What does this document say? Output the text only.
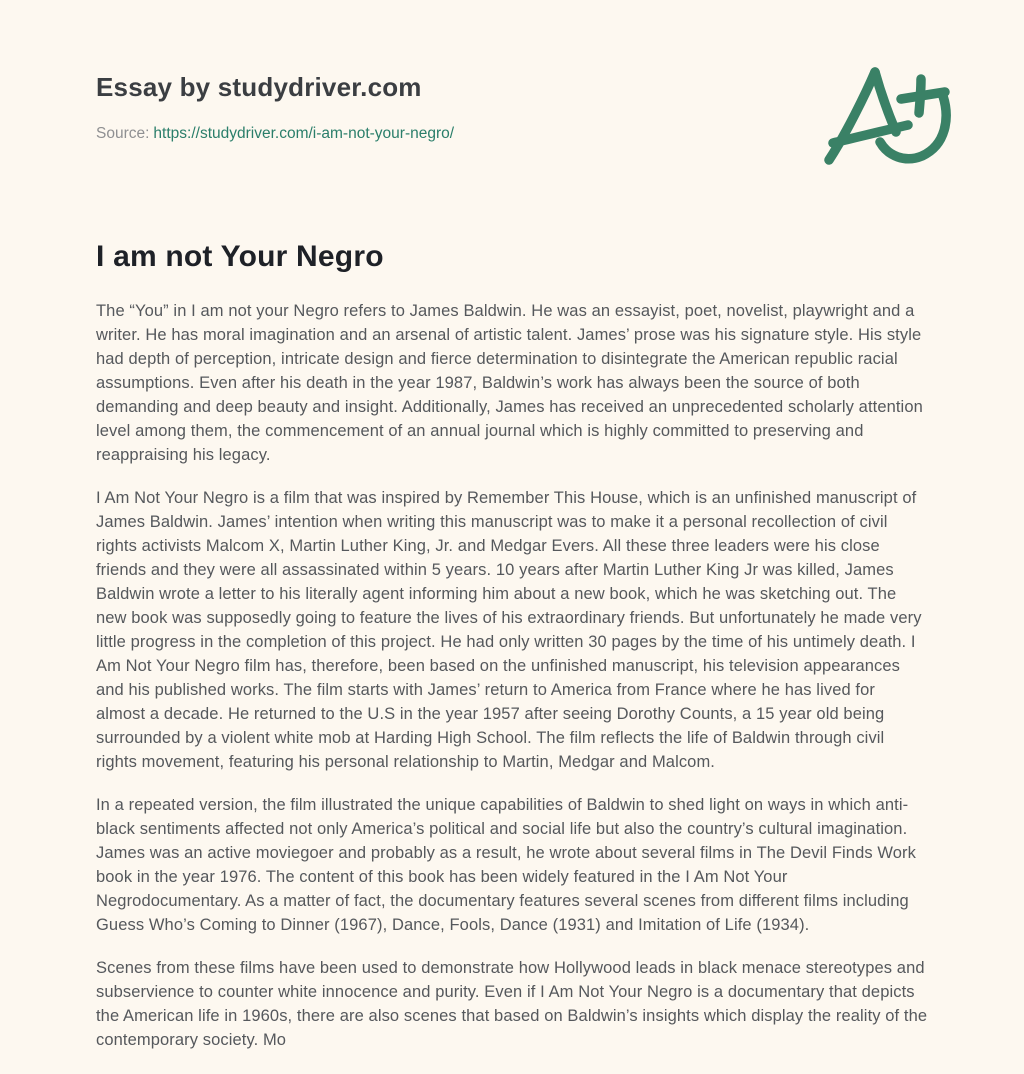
Essay by studydriver.com

Source: https://studydriver.com/i-am-not-your-negro/

I am not Your Negro

The “You” in I am not your Negro refers to James Baldwin. He was an essayist, poet, novelist, playwright and a writer. He has moral imagination and an arsenal of artistic talent. James’ prose was his signature style. His style had depth of perception, intricate design and fierce determination to disintegrate the American republic racial assumptions. Even after his death in the year 1987, Baldwin’s work has always been the source of both demanding and deep beauty and insight. Additionally, James has received an unprecedented scholarly attention level among them, the commencement of an annual journal which is highly committed to preserving and reappraising his legacy.

I Am Not Your Negro is a film that was inspired by Remember This House, which is an unfinished manuscript of James Baldwin. James’ intention when writing this manuscript was to make it a personal recollection of civil rights activists Malcom X, Martin Luther King, Jr. and Medgar Evers. All these three leaders were his close friends and they were all assassinated within 5 years. 10 years after Martin Luther King Jr was killed, James Baldwin wrote a letter to his literally agent informing him about a new book, which he was sketching out. The new book was supposedly going to feature the lives of his extraordinary friends. But unfortunately he made very little progress in the completion of this project. He had only written 30 pages by the time of his untimely death. I Am Not Your Negro film has, therefore, been based on the unfinished manuscript, his television appearances and his published works. The film starts with James’ return to America from France where he has lived for almost a decade. He returned to the U.S in the year 1957 after seeing Dorothy Counts, a 15 year old being surrounded by a violent white mob at Harding High School. The film reflects the life of Baldwin through civil rights movement, featuring his personal relationship to Martin, Medgar and Malcom.

In a repeated version, the film illustrated the unique capabilities of Baldwin to shed light on ways in which anti-black sentiments affected not only America’s political and social life but also the country’s cultural imagination. James was an active moviegoer and probably as a result, he wrote about several films in The Devil Finds Work book in the year 1976. The content of this book has been widely featured in the I Am Not Your Negrodocumentary. As a matter of fact, the documentary features several scenes from different films including Guess Who’s Coming to Dinner (1967), Dance, Fools, Dance (1931) and Imitation of Life (1934).

Scenes from these films have been used to demonstrate how Hollywood leads in black menace stereotypes and subservience to counter white innocence and purity. Even if I Am Not Your Negro is a documentary that depicts the American life in 1960s, there are also scenes that based on Baldwin’s insights which display the reality of the contemporary society. Mo
